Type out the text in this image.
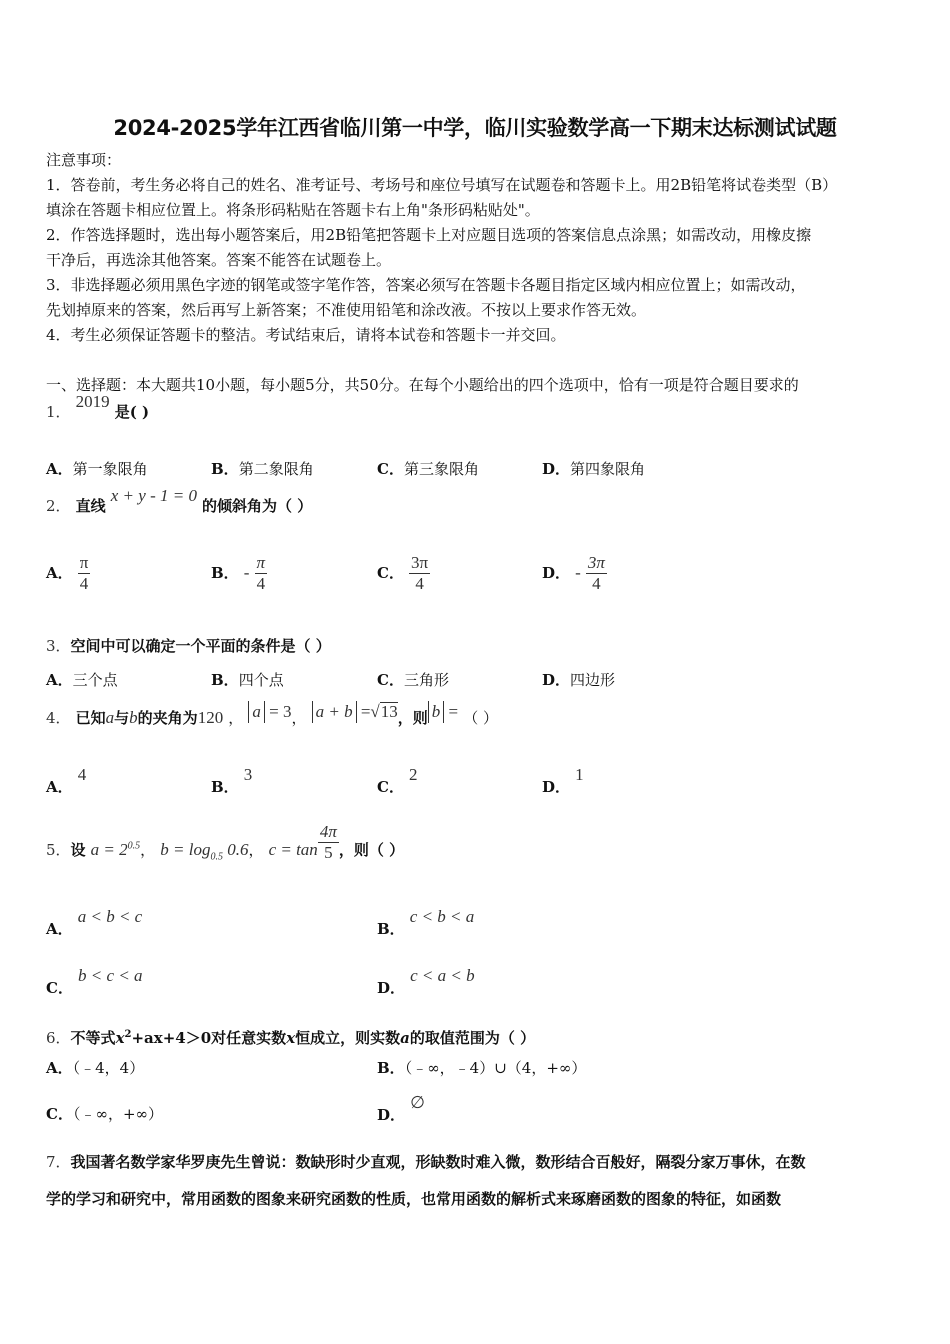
2024-2025学年江西省临川第一中学，临川实验数学高一下期末达标测试试题
注意事项：
1．答卷前，考生务必将自己的姓名、准考证号、考场号和座位号填写在试题卷和答题卡上。用2B铅笔将试卷类型（B）
填涂在答题卡相应位置上。将条形码粘贴在答题卡右上角"条形码粘贴处"。
2．作答选择题时，选出每小题答案后，用2B铅笔把答题卡上对应题目选项的答案信息点涂黑；如需改动，用橡皮擦
干净后，再选涂其他答案。答案不能答在试题卷上。
3．非选择题必须用黑色字迹的钢笔或签字笔作答，答案必须写在答题卡各题目指定区域内相应位置上；如需改动，
先划掉原来的答案，然后再写上新答案；不准使用铅笔和涂改液。不按以上要求作答无效。
4．考生必须保证答题卡的整洁。考试结束后，请将本试卷和答题卡一并交回。
一、选择题：本大题共10小题，每小题5分，共50分。在每个小题给出的四个选项中，恰有一项是符合题目要求的
1． 2019 是( )
A．第一象限角	B．第二象限角	C．第三象限角	D．第四象限角
2． 直线 x + y - 1 = 0 的倾斜角为（ ）
A． $\frac{\pi}{4}$	B． - $\frac{\pi}{4}$	C． $\frac{3\pi}{4}$	D． - $\frac{3\pi}{4}$
3．空间中可以确定一个平面的条件是（ ）
A．三个点	B．四个点	C．三角形	D．四边形
4． 已知a与b的夹角为120 ， a = 3， a + b =√13，则 b = （ ）
A． 4
B． 3
C． 2
D． 1
5．设 $a = 2^{0.5}$， $b = \log_{0.5} 0.6$， $c = \tan \frac{4\pi}{5}$ ，则（ ）
A． a < b < c
B． c < b < a
C． b < c < a
D． c < a < b
6．不等式$x^2+ax+4>0$对任意实数x恒成立，则实数a的取值范围为（ ）
A．（﹣4，4）	B．（﹣∞，﹣4）∪（4，+∞）
C．（﹣∞，+∞）	D． ∅
7．我国著名数学家华罗庚先生曾说：数缺形时少直观，形缺数时难入微，数形结合百般好，隔裂分家万事休，在数
学的学习和研究中，常用函数的图象来研究函数的性质，也常用函数的解析式来琢磨函数的图象的特征，如函数
